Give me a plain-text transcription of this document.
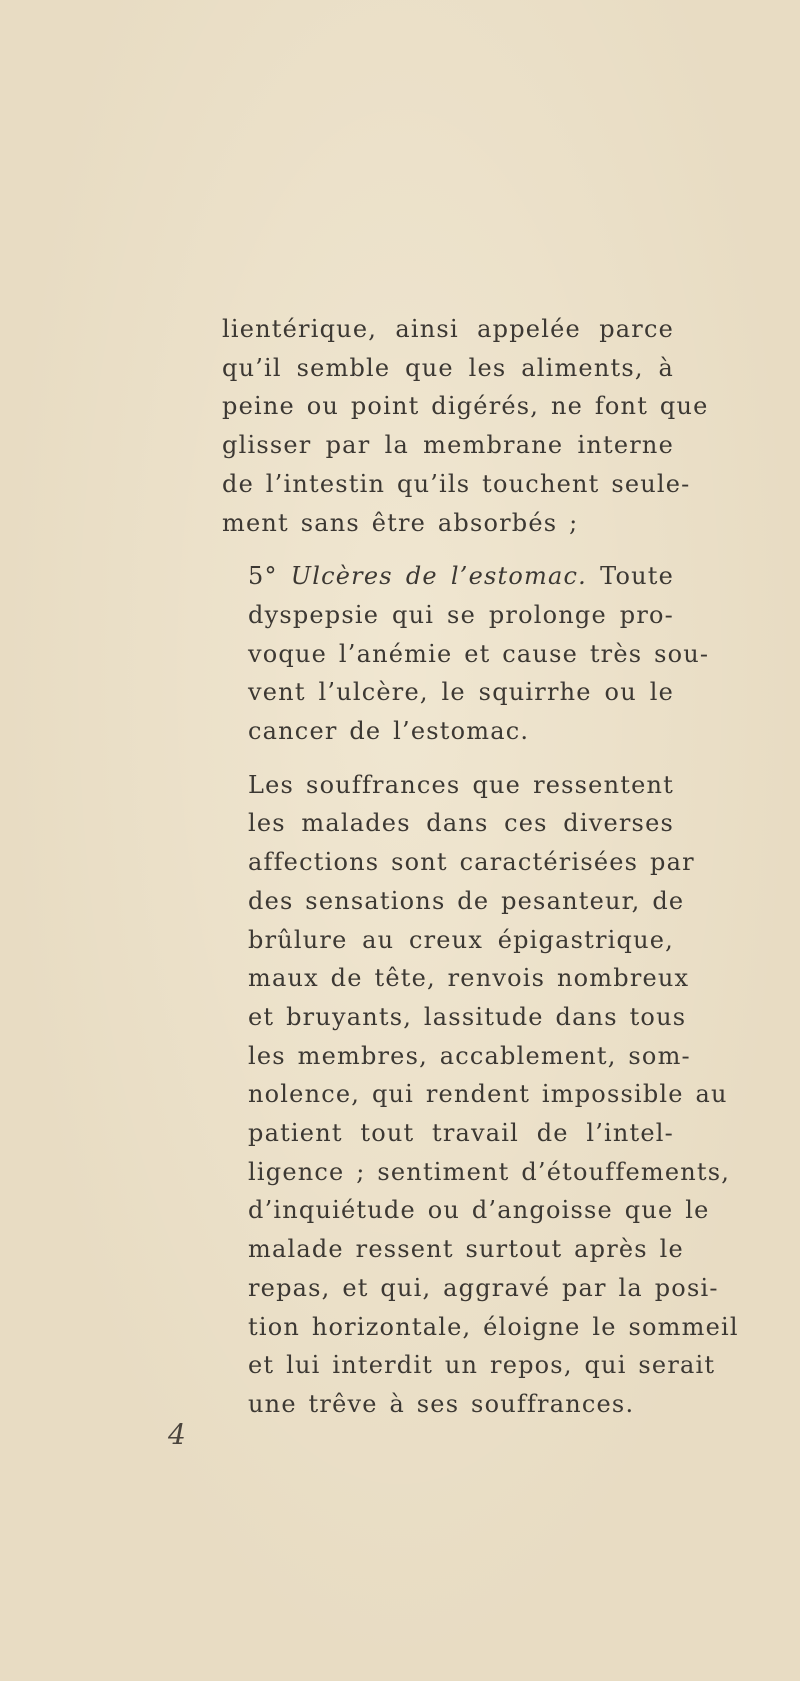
lientérique, ainsi appelée parce
qu’il semble que les aliments, à
peine ou point digérés, ne font que
glisser par la membrane interne
de l’intestin qu’ils touchent seule-
ment sans être absorbés ;

5° Ulcères de l’estomac. Toute
dyspepsie qui se prolonge pro-
voque l’anémie et cause très sou-
vent l’ulcère, le squirrhe ou le
cancer de l’estomac.

Les souffrances que ressentent
les malades dans ces diverses
affections sont caractérisées par
des sensations de pesanteur, de
brûlure au creux épigastrique,
maux de tête, renvois nombreux
et bruyants, lassitude dans tous
les membres, accablement, som-
nolence, qui rendent impossible au
patient tout travail de l’intel-
ligence ; sentiment d’étouffements,
d’inquiétude ou d’angoisse que le
malade ressent surtout après le
repas, et qui, aggravé par la posi-
tion horizontale, éloigne le sommeil
et lui interdit un repos, qui serait
une trêve à ses souffrances.

4
